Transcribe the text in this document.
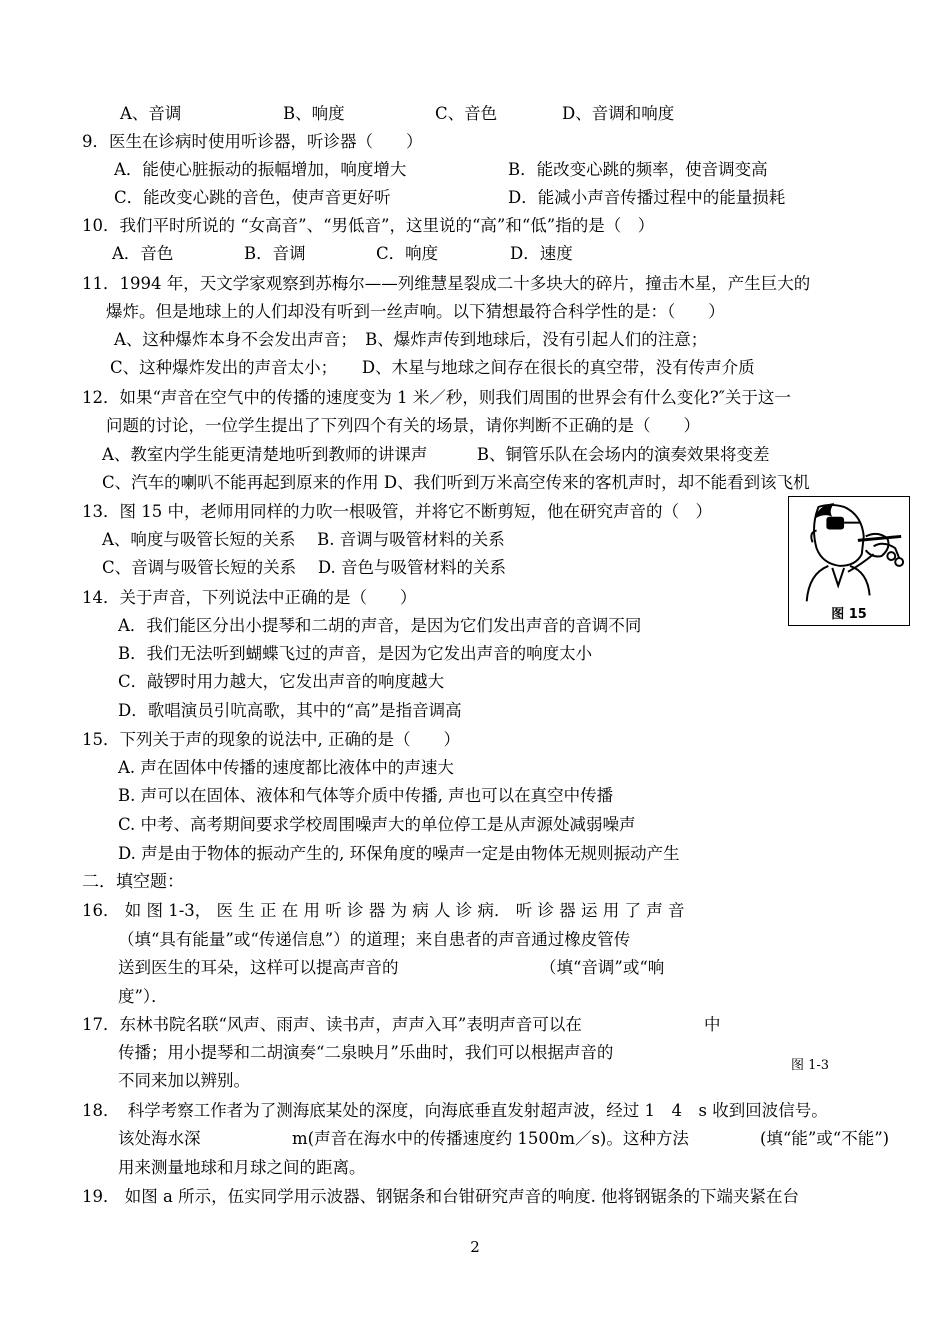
A、音调	B、响度	C、音色	D、音调和响度
9．医生在诊病时使用听诊器，听诊器（　　）
A．能使心脏振动的振幅增加，响度增大	B．能改变心跳的频率，使音调变高
C．能改变心跳的音色，使声音更好听	D．能减小声音传播过程中的能量损耗
10．我们平时所说的 “女高音”、“男低音”，这里说的“高”和“低”指的是（　）
A．音色	B．音调	C．响度	D．速度
11．1994 年，天文学家观察到苏梅尔——列维慧星裂成二十多块大的碎片，撞击木星，产生巨大的
爆炸。但是地球上的人们却没有听到一丝声响。以下猜想最符合科学性的是：（　　）
A、这种爆炸本身不会发出声音；　B、爆炸声传到地球后，没有引起人们的注意；
C、这种爆炸发出的声音太小；　　D、木星与地球之间存在很长的真空带，没有传声介质
12．如果“声音在空气中的传播的速度变为 1 米／秒，则我们周围的世界会有什么变化?″关于这一
问题的讨论，一位学生提出了下列四个有关的场景，请你判断不正确的是（　　）
A、教室内学生能更清楚地听到教师的讲课声　　　B、铜管乐队在会场内的演奏效果将变差
C、汽车的喇叭不能再起到原来的作用 D、我们听到万米高空传来的客机声时，却不能看到该飞机
13．图 15 中，老师用同样的力吹一根吸管，并将它不断剪短，他在研究声音的（　）
A、响度与吸管长短的关系　 B. 音调与吸管材料的关系
C、音调与吸管长短的关系　 D. 音色与吸管材料的关系
图 15
14．关于声音，下列说法中正确的是（　　）
A．我们能区分出小提琴和二胡的声音，是因为它们发出声音的音调不同
B．我们无法听到蝴蝶飞过的声音，是因为它发出声音的响度太小
C．敲锣时用力越大，它发出声音的响度越大
D．歌唱演员引吭高歌，其中的“高”是指音调高
15．下列关于声的现象的说法中, 正确的是（　　）
A. 声在固体中传播的速度都比液体中的声速大
B. 声可以在固体、液体和气体等介质中传播, 声也可以在真空中传播
C. 中考、高考期间要求学校周围噪声大的单位停工是从声源处减弱噪声
D. 声是由于物体的振动产生的, 环保角度的噪声一定是由物体无规则振动产生
二．填空题：
16． 如 图 1-3， 医 生 正 在 用 听 诊 器 为 病 人 诊 病． 听 诊 器 运 用 了 声 音
（填“具有能量”或“传递信息”）的道理；来自患者的声音通过橡皮管传
送到医生的耳朵，这样可以提高声音的	（填“音调”或“响
度”）．
17．东林书院名联“风声、雨声、读书声，声声入耳”表明声音可以在	中
传播；用小提琴和二胡演奏“二泉映月”乐曲时，我们可以根据声音的
图 1-3
不同来加以辨别。
18．　科学考察工作者为了测海底某处的深度，向海底垂直发射超声波，经过 1　4　s 收到回波信号。
该处海水深	m(声音在海水中的传播速度约 1500m／s)。这种方法	(填“能”或“不能”)
用来测量地球和月球之间的距离。
19． 如图 a 所示，伍实同学用示波器、钢锯条和台钳研究声音的响度. 他将钢锯条的下端夹紧在台
2
